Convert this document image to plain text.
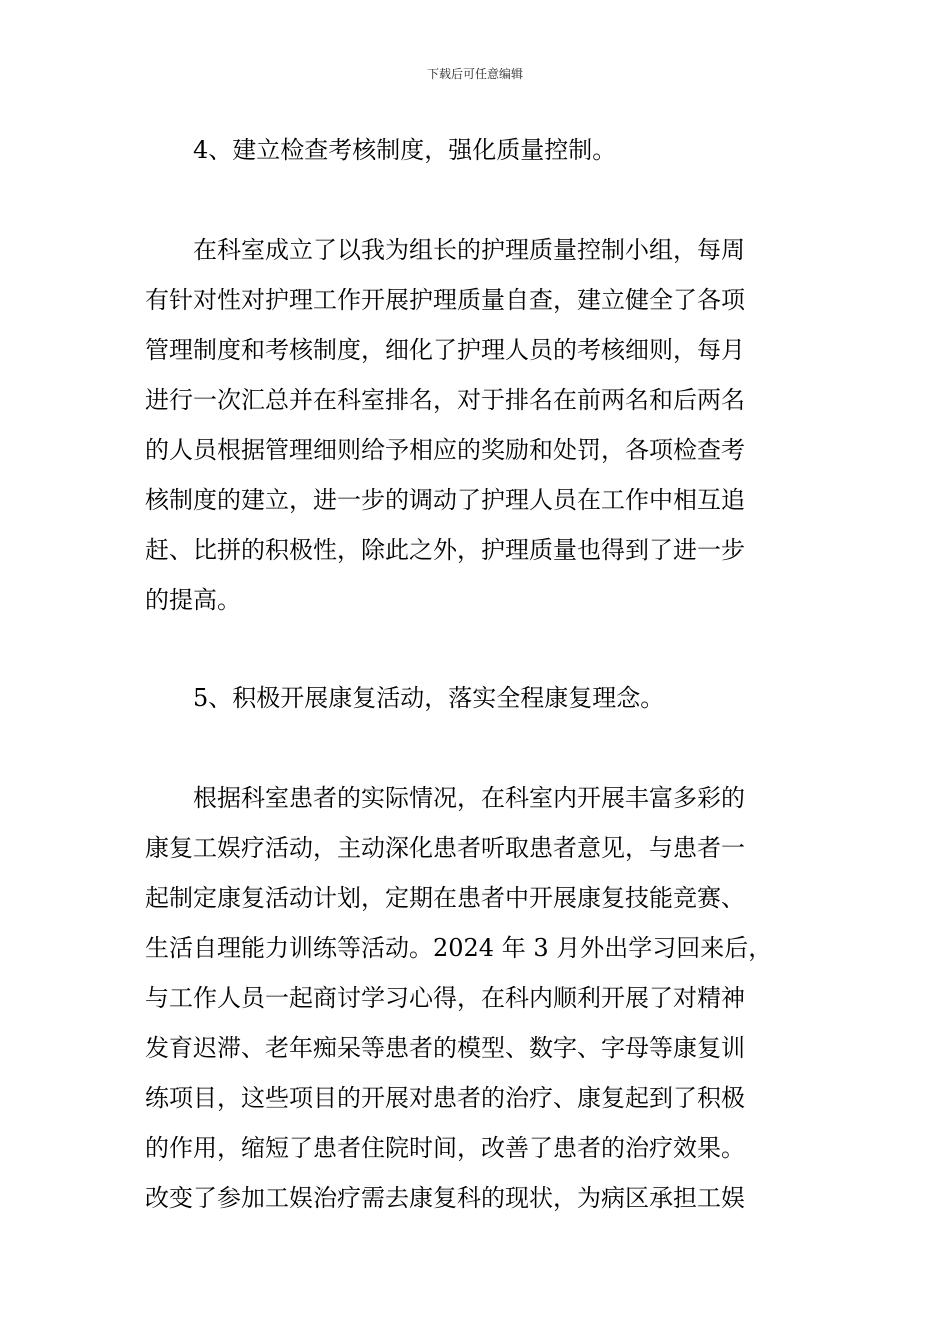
下载后可任意编辑
4、建立检查考核制度，强化质量控制。
在科室成立了以我为组长的护理质量控制小组，每周
有针对性对护理工作开展护理质量自查，建立健全了各项
管理制度和考核制度，细化了护理人员的考核细则，每月
进行一次汇总并在科室排名，对于排名在前两名和后两名
的人员根据管理细则给予相应的奖励和处罚，各项检查考
核制度的建立，进一步的调动了护理人员在工作中相互追
赶、比拼的积极性，除此之外，护理质量也得到了进一步
的提高。
5、积极开展康复活动，落实全程康复理念。
根据科室患者的实际情况，在科室内开展丰富多彩的
康复工娱疗活动，主动深化患者听取患者意见，与患者一
起制定康复活动计划，定期在患者中开展康复技能竞赛、
生活自理能力训练等活动。2024 年 3 月外出学习回来后，
与工作人员一起商讨学习心得，在科内顺利开展了对精神
发育迟滞、老年痴呆等患者的模型、数字、字母等康复训
练项目，这些项目的开展对患者的治疗、康复起到了积极
的作用，缩短了患者住院时间，改善了患者的治疗效果。
改变了参加工娱治疗需去康复科的现状，为病区承担工娱
